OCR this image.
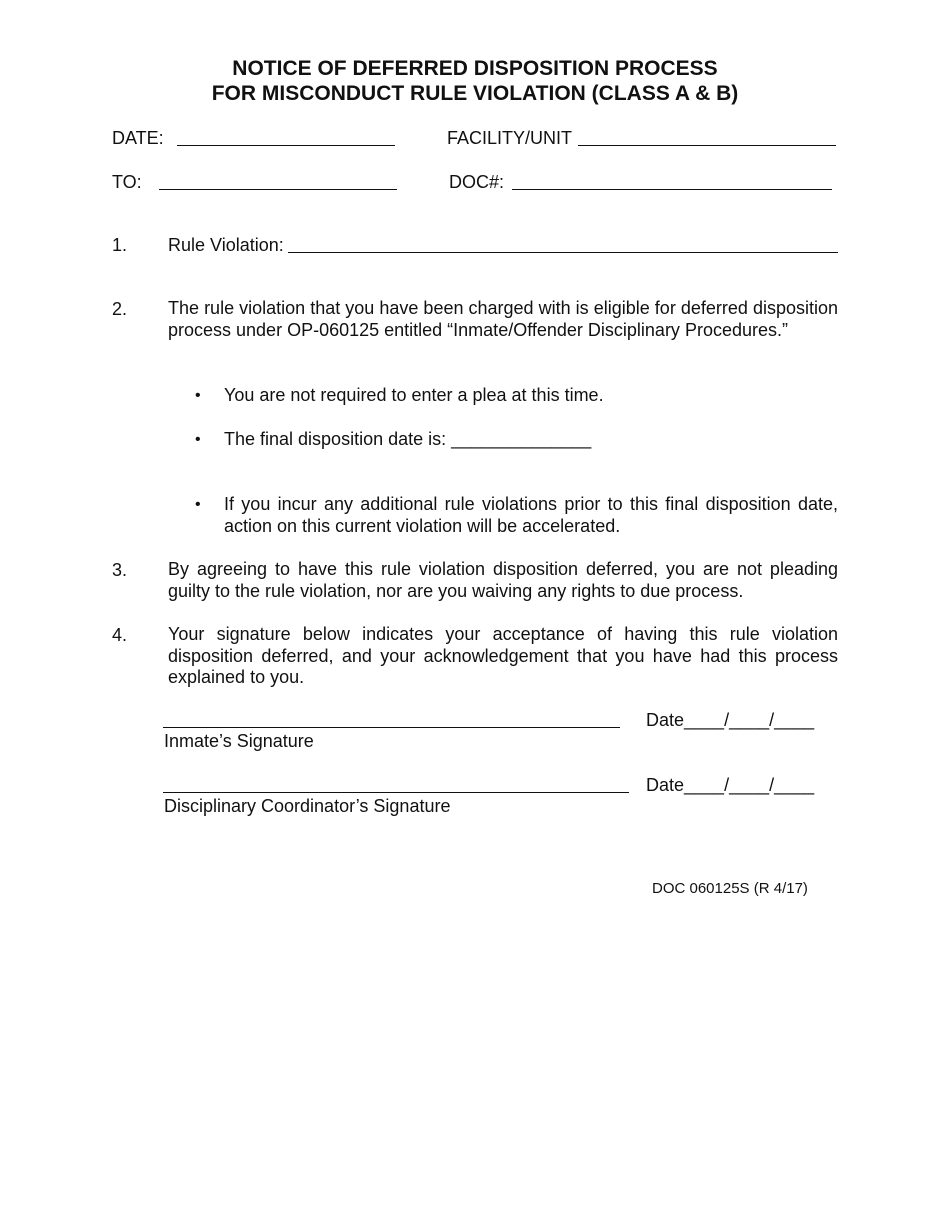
NOTICE OF DEFERRED DISPOSITION PROCESS
FOR MISCONDUCT RULE VIOLATION (CLASS A & B)
DATE:	FACILITY/UNIT
TO:	DOC#:
1. Rule Violation:
2. The rule violation that you have been charged with is eligible for deferred disposition process under OP-060125 entitled “Inmate/Offender Disciplinary Procedures.”
• You are not required to enter a plea at this time.
• The final disposition date is: ______________
• If you incur any additional rule violations prior to this final disposition date, action on this current violation will be accelerated.
3. By agreeing to have this rule violation disposition deferred, you are not pleading guilty to the rule violation, nor are you waiving any rights to due process.
4. Your signature below indicates your acceptance of having this rule violation disposition deferred, and your acknowledgement that you have had this process explained to you.
Date____/____/____
Inmate’s Signature
Date____/____/____
Disciplinary Coordinator’s Signature
DOC 060125S (R 4/17)
